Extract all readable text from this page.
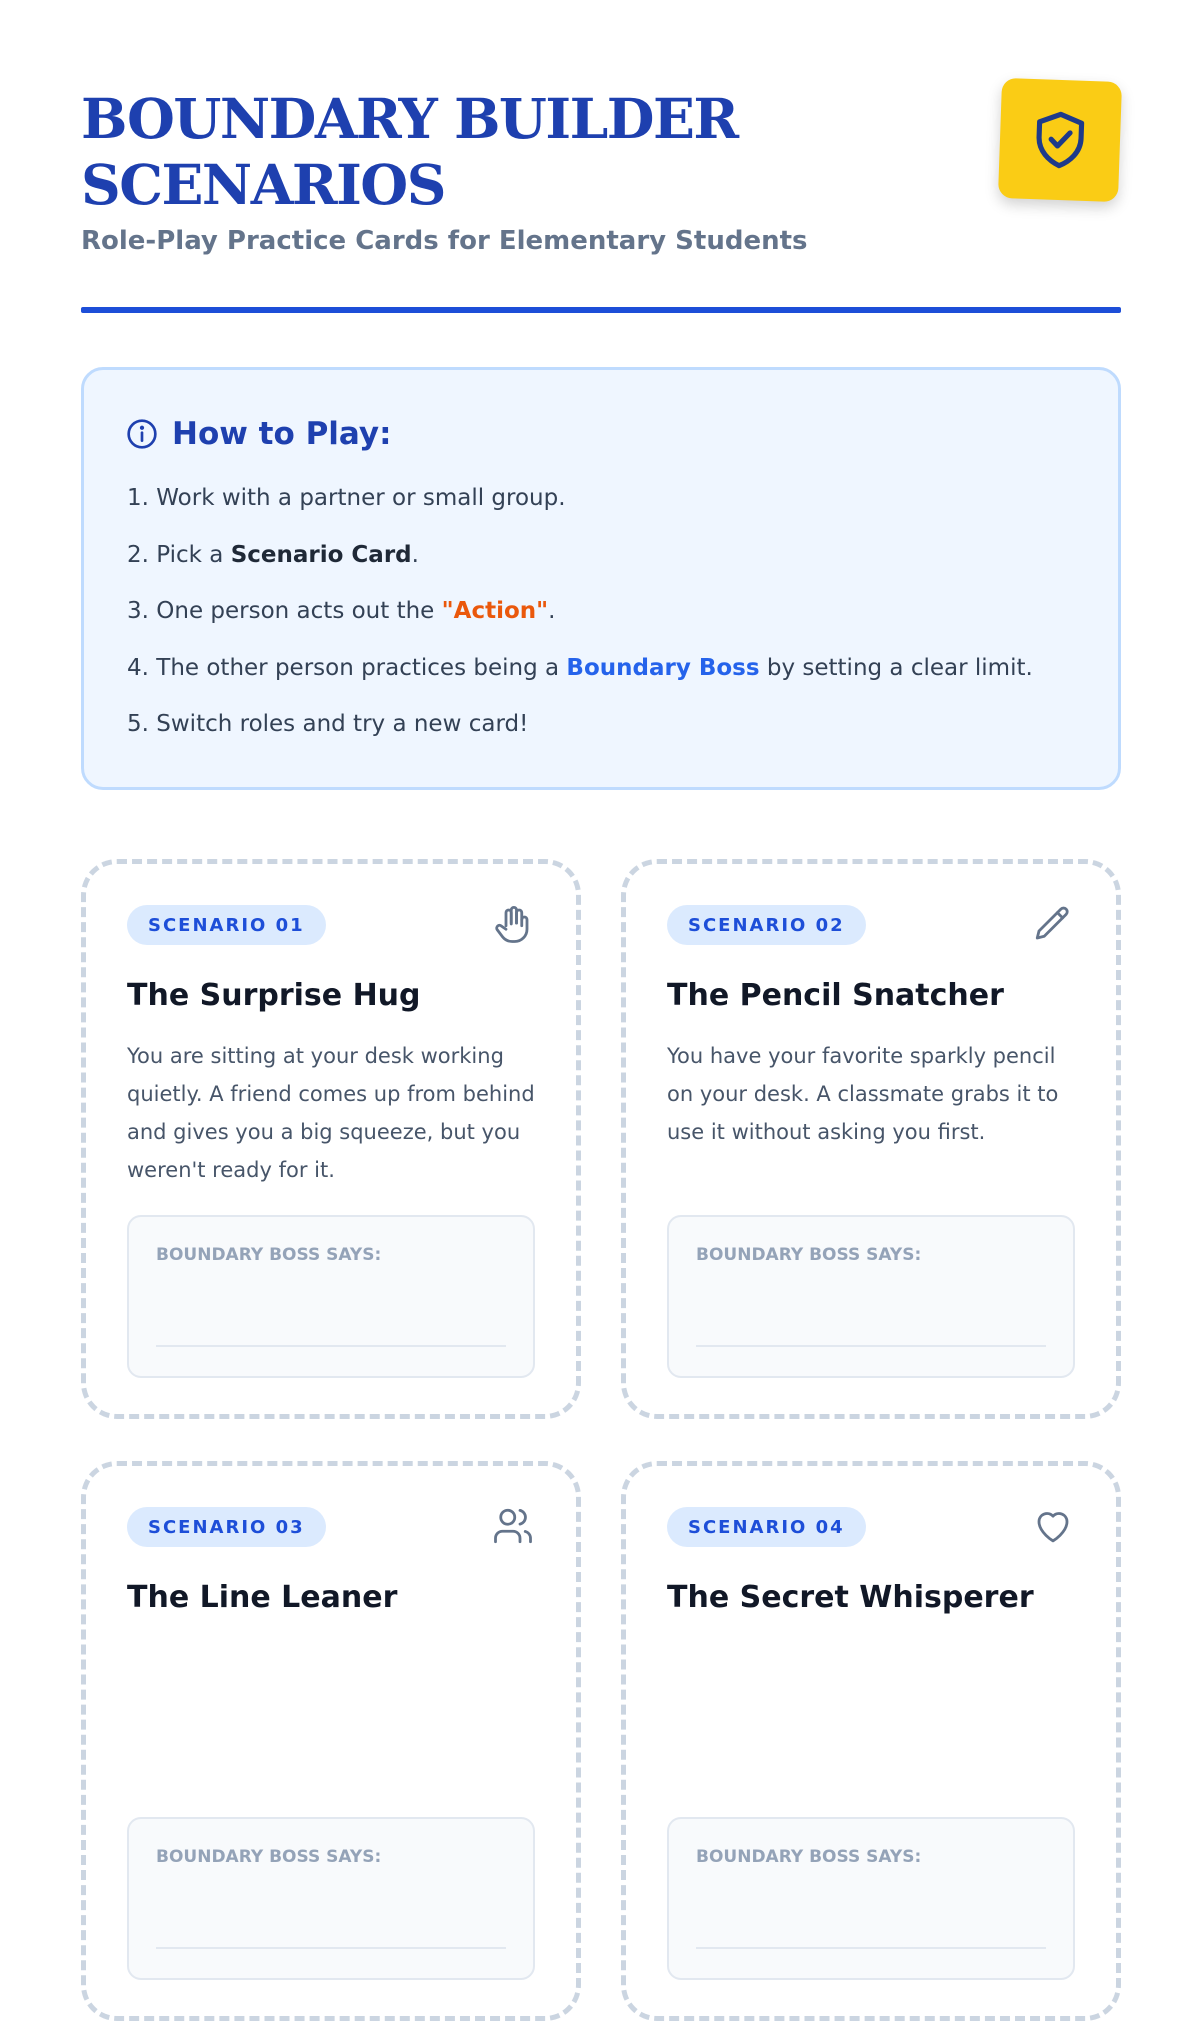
BOUNDARY BUILDER SCENARIOS
Role-Play Practice Cards for Elementary Students
How to Play:
1. Work with a partner or small group.
2. Pick a Scenario Card.
3. One person acts out the "Action".
4. The other person practices being a Boundary Boss by setting a clear limit.
5. Switch roles and try a new card!
SCENARIO 01
The Surprise Hug
You are sitting at your desk working quietly. A friend comes up from behind and gives you a big squeeze, but you weren't ready for it.
BOUNDARY BOSS SAYS:
SCENARIO 02
The Pencil Snatcher
You have your favorite sparkly pencil on your desk. A classmate grabs it to use it without asking you first.
BOUNDARY BOSS SAYS:
SCENARIO 03
The Line Leaner
BOUNDARY BOSS SAYS:
SCENARIO 04
The Secret Whisperer
BOUNDARY BOSS SAYS:
